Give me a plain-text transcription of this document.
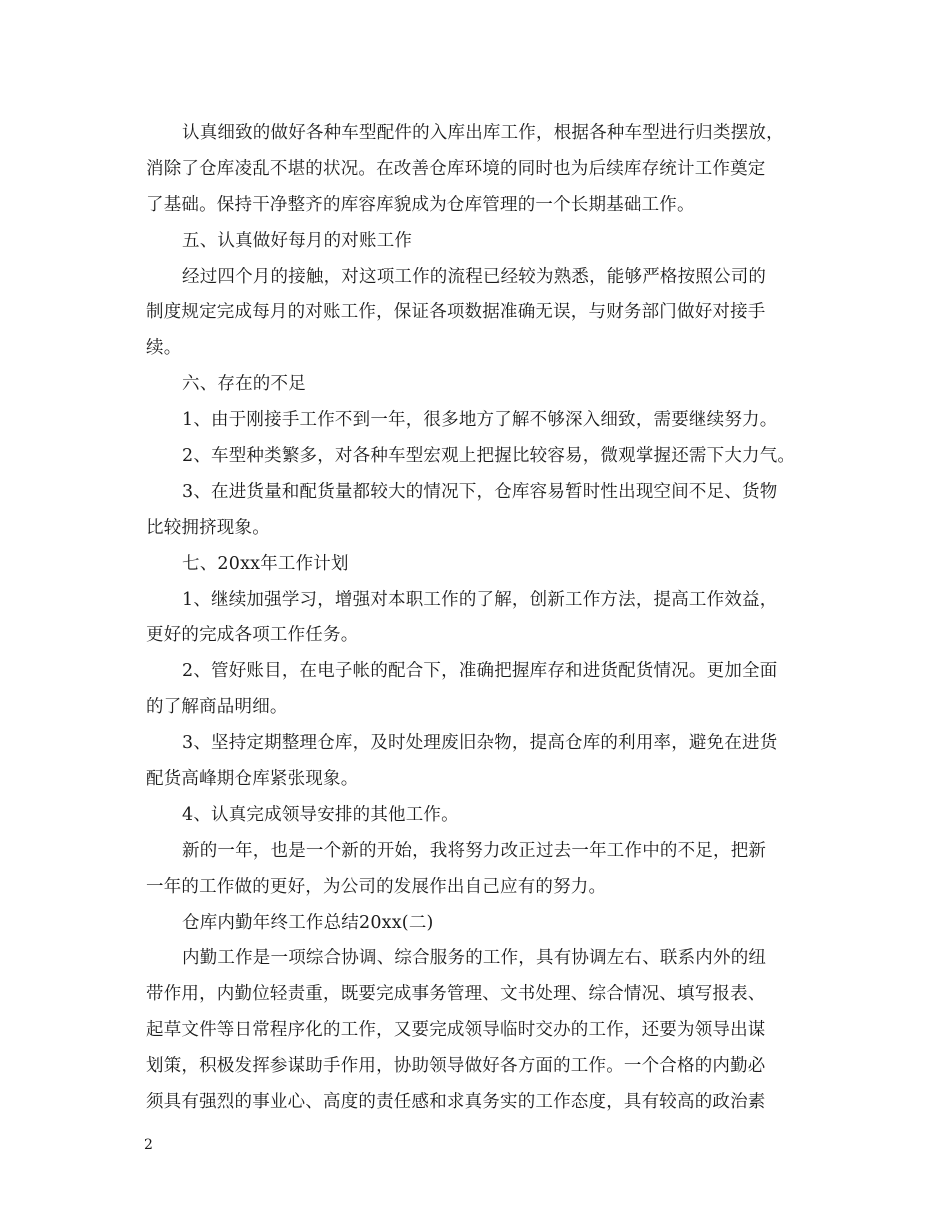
认真细致的做好各种车型配件的入库出库工作，根据各种车型进行归类摆放，
消除了仓库凌乱不堪的状况。在改善仓库环境的同时也为后续库存统计工作奠定
了基础。保持干净整齐的库容库貌成为仓库管理的一个长期基础工作。
五、认真做好每月的对账工作
经过四个月的接触，对这项工作的流程已经较为熟悉，能够严格按照公司的
制度规定完成每月的对账工作，保证各项数据准确无误，与财务部门做好对接手
续。
六、存在的不足
1、由于刚接手工作不到一年，很多地方了解不够深入细致，需要继续努力。
2、车型种类繁多，对各种车型宏观上把握比较容易，微观掌握还需下大力气。
3、在进货量和配货量都较大的情况下，仓库容易暂时性出现空间不足、货物
比较拥挤现象。
七、20xx年工作计划
1、继续加强学习，增强对本职工作的了解，创新工作方法，提高工作效益，
更好的完成各项工作任务。
2、管好账目，在电子帐的配合下，准确把握库存和进货配货情况。更加全面
的了解商品明细。
3、坚持定期整理仓库，及时处理废旧杂物，提高仓库的利用率，避免在进货
配货高峰期仓库紧张现象。
4、认真完成领导安排的其他工作。
新的一年，也是一个新的开始，我将努力改正过去一年工作中的不足，把新
一年的工作做的更好，为公司的发展作出自己应有的努力。
仓库内勤年终工作总结20xx(二)
内勤工作是一项综合协调、综合服务的工作，具有协调左右、联系内外的纽
带作用，内勤位轻责重，既要完成事务管理、文书处理、综合情况、填写报表、
起草文件等日常程序化的工作，又要完成领导临时交办的工作，还要为领导出谋
划策，积极发挥参谋助手作用，协助领导做好各方面的工作。一个合格的内勤必
须具有强烈的事业心、高度的责任感和求真务实的工作态度，具有较高的政治素
2
